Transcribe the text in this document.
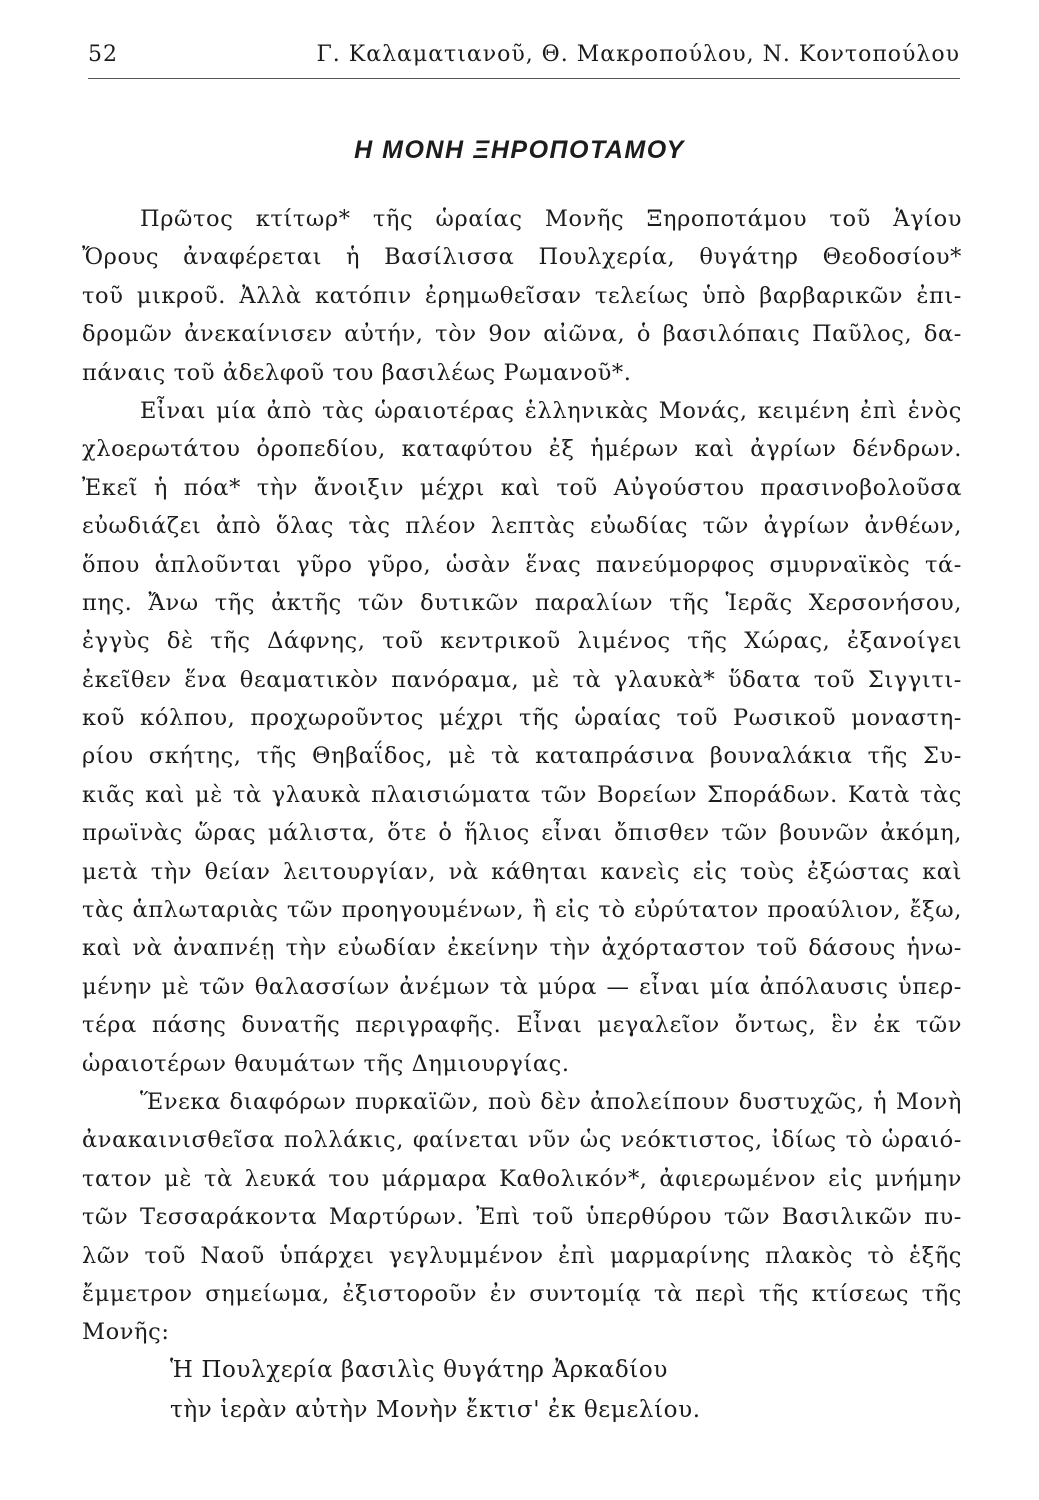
52	Γ. Καλαματιανοῦ, Θ. Μακροπούλου, Ν. Κοντοπούλου
Η ΜΟΝΗ ΞΗΡΟΠΟΤΑΜΟΥ
Πρῶτος κτίτωρ* τῆς ὡραίας Μονῆς Ξηροποτάμου τοῦ Ἁγίου
Ὄρους ἀναφέρεται ἡ Βασίλισσα Πουλχερία, θυγάτηρ Θεοδοσίου*
τοῦ μικροῦ. Ἀλλὰ κατόπιν ἐρημωθεῖσαν τελείως ὑπὸ βαρβαρικῶν ἐπι-
δρομῶν ἀνεκαίνισεν αὐτήν, τὸν 9ον αἰῶνα, ὁ βασιλόπαις Παῦλος, δα-
πάναις τοῦ ἀδελφοῦ του βασιλέως Ρωμανοῦ*.
Εἶναι μία ἀπὸ τὰς ὡραιοτέρας ἑλληνικὰς Μονάς, κειμένη ἐπὶ ἑνὸς
χλοερωτάτου ὀροπεδίου, καταφύτου ἐξ ἡμέρων καὶ ἀγρίων δένδρων.
Ἐκεῖ ἡ πόα* τὴν ἄνοιξιν μέχρι καὶ τοῦ Αὐγούστου πρασινοβολοῦσα
εὐωδιάζει ἀπὸ ὅλας τὰς πλέον λεπτὰς εὐωδίας τῶν ἀγρίων ἀνθέων,
ὅπου ἁπλοῦνται γῦρο γῦρο, ὡσὰν ἕνας πανεύμορφος σμυρναϊκὸς τά-
πης. Ἄνω τῆς ἀκτῆς τῶν δυτικῶν παραλίων τῆς Ἱερᾶς Χερσονήσου,
ἐγγὺς δὲ τῆς Δάφνης, τοῦ κεντρικοῦ λιμένος τῆς Χώρας, ἐξανοίγει
ἐκεῖθεν ἕνα θεαματικὸν πανόραμα, μὲ τὰ γλαυκὰ* ὕδατα τοῦ Σιγγιτι-
κοῦ κόλπου, προχωροῦντος μέχρι τῆς ὡραίας τοῦ Ρωσικοῦ μοναστη-
ρίου σκήτης, τῆς Θηβαΐδος, μὲ τὰ καταπράσινα βουναλάκια τῆς Συ-
κιᾶς καὶ μὲ τὰ γλαυκὰ πλαισιώματα τῶν Βορείων Σποράδων. Κατὰ τὰς
πρωϊνὰς ὥρας μάλιστα, ὅτε ὁ ἥλιος εἶναι ὄπισθεν τῶν βουνῶν ἀκόμη,
μετὰ τὴν θείαν λειτουργίαν, νὰ κάθηται κανεὶς εἰς τοὺς ἐξώστας καὶ
τὰς ἁπλωταριὰς τῶν προηγουμένων, ἢ εἰς τὸ εὐρύτατον προαύλιον, ἔξω,
καὶ νὰ ἀναπνέῃ τὴν εὐωδίαν ἐκείνην τὴν ἀχόρταστον τοῦ δάσους ἡνω-
μένην μὲ τῶν θαλασσίων ἀνέμων τὰ μύρα — εἶναι μία ἀπόλαυσις ὑπερ-
τέρα πάσης δυνατῆς περιγραφῆς. Εἶναι μεγαλεῖον ὄντως, ἓν ἐκ τῶν
ὡραιοτέρων θαυμάτων τῆς Δημιουργίας.
Ἕνεκα διαφόρων πυρκαϊῶν, ποὺ δὲν ἀπολείπουν δυστυχῶς, ἡ Μονὴ
ἀνακαινισθεῖσα πολλάκις, φαίνεται νῦν ὡς νεόκτιστος, ἰδίως τὸ ὡραιό-
τατον μὲ τὰ λευκά του μάρμαρα Καθολικόν*, ἀφιερωμένον εἰς μνήμην
τῶν Τεσσαράκοντα Μαρτύρων. Ἐπὶ τοῦ ὑπερθύρου τῶν Βασιλικῶν πυ-
λῶν τοῦ Ναοῦ ὑπάρχει γεγλυμμένον ἐπὶ μαρμαρίνης πλακὸς τὸ ἑξῆς
ἔμμετρον σημείωμα, ἐξιστοροῦν ἐν συντομίᾳ τὰ περὶ τῆς κτίσεως τῆς
Μονῆς:
Ἡ Πουλχερία βασιλὶς θυγάτηρ Ἀρκαδίου
τὴν ἱερὰν αὐτὴν Μονὴν ἔκτισ' ἐκ θεμελίου.
